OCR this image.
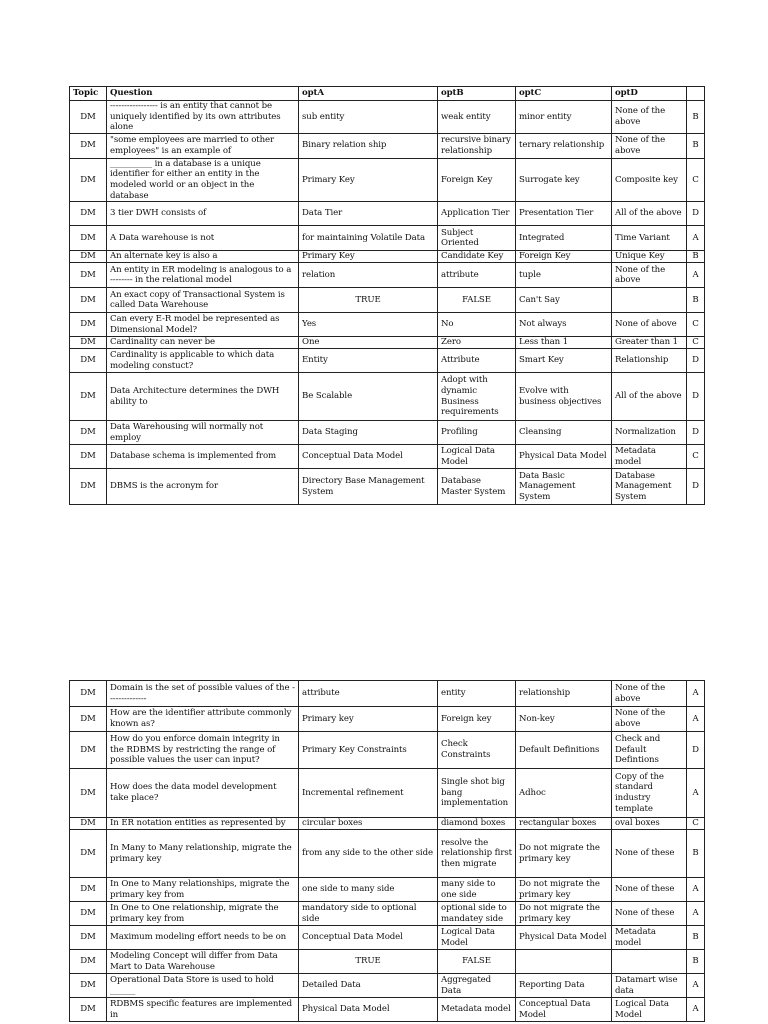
Topic	Question	optA	optB	optC	optD	
DM	----------------- is an entity that cannot be uniquely identified by its own attributes alone	sub entity	weak entity	minor entity	None of the above	B
DM	"some employees are married to other employees" is an example of	Binary relation ship	recursive binary relationship	ternary relationship	None of the above	B
DM	__________ in a database is a unique identifier for either an entity in the modeled world or an object in the database	Primary Key	Foreign Key	Surrogate key	Composite key	C
DM	3 tier DWH consists of	Data Tier	Application Tier	Presentation Tier	All of the above	D
DM	A Data warehouse is not	for maintaining Volatile Data	Subject Oriented	Integrated	Time Variant	A
DM	An alternate key is also a	Primary Key	Candidate Key	Foreign Key	Unique Key	B
DM	An entity in ER modeling is analogous to a -------- in the relational model	relation	attribute	tuple	None of the above	A
DM	An exact copy of Transactional System is called Data Warehouse	TRUE	FALSE	Can't Say		B
DM	Can every E-R model be represented as Dimensional Model?	Yes	No	Not always	None of above	C
DM	Cardinality can never be	One	Zero	Less than 1	Greater than 1	C
DM	Cardinality is applicable to which data modeling constuct?	Entity	Attribute	Smart Key	Relationship	D
DM	Data Architecture determines the DWH ability to	Be Scalable	Adopt with dynamic Business requirements	Evolve with business objectives	All of the above	D
DM	Data Warehousing will normally not employ	Data Staging	Profiling	Cleansing	Normalization	D
DM	Database schema is implemented from	Conceptual Data Model	Logical Data Model	Physical Data Model	Metadata model	C
DM	DBMS is the acronym for	Directory Base Management System	Database Master System	Data Basic Management System	Database Management System	D
DM	Domain is the set of possible values of the --------------	attribute	entity	relationship	None of the above	A
DM	How are the identifier attribute commonly known as?	Primary key	Foreign key	Non-key	None of the above	A
DM	How do you enforce domain integrity in the RDBMS by restricting the range of possible values the user can input?	Primary Key Constraints	Check Constraints	Default Definitions	Check and Default Defintions	D
DM	How does the data model development take place?	Incremental refinement	Single shot big bang implementation	Adhoc	Copy of the standard industry template	A
DM	In ER notation entities as represented by	circular boxes	diamond boxes	rectangular boxes	oval boxes	C
DM	In Many to Many relationship, migrate the primary key	from any side to the other side	resolve the relationship first then migrate	Do not migrate the primary key	None of these	B
DM	In One to Many relationships, migrate the primary key from	one side to many side	many side to one side	Do not migrate the primary key	None of these	A
DM	In One to One relationship, migrate the primary key from	mandatory side to optional side	optional side to mandatey side	Do not migrate the primary key	None of these	A
DM	Maximum modeling effort needs to be on	Conceptual Data Model	Logical Data Model	Physical Data Model	Metadata model	B
DM	Modeling Concept will differ from Data Mart to Data Warehouse	TRUE	FALSE			B
DM	Operational Data Store is used to hold ______	Detailed Data	Aggregated Data	Reporting Data	Datamart wise data	A
DM	RDBMS specific features are implemented in	Physical Data Model	Metadata model	Conceptual Data Model	Logical Data Model	A
